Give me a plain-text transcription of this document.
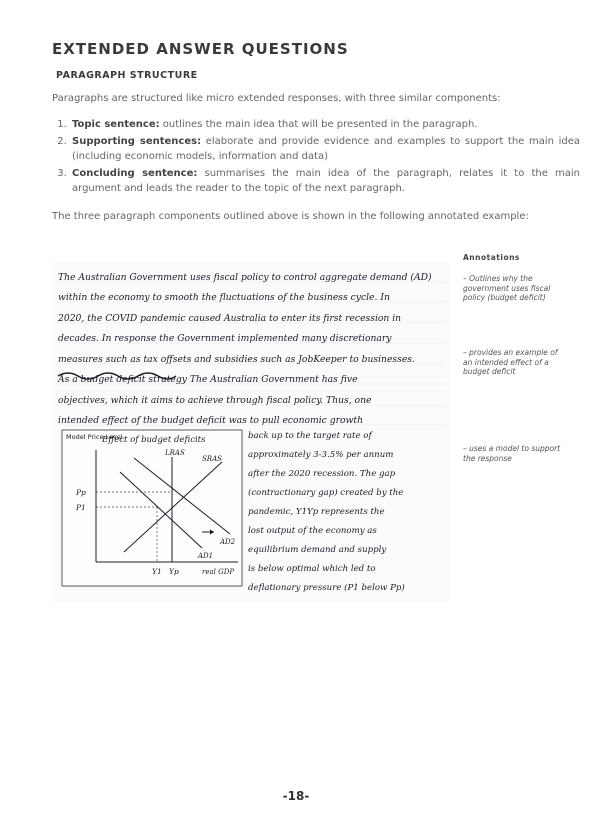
EXTENDED ANSWER QUESTIONS
PARAGRAPH STRUCTURE
Paragraphs are structured like micro extended responses, with three similar components:
1. Topic sentence: outlines the main idea that will be presented in the paragraph.
2. Supporting sentences: elaborate and provide evidence and examples to support the main idea (including economic models, information and data)
3. Concluding sentence: summarises the main idea of the paragraph, relates it to the main argument and leads the reader to the topic of the next paragraph.
The three paragraph components outlined above is shown in the following annotated example:
Annotations
– Outlines why the government uses fiscal policy (budget deficit)
– provides an example of an intended effect of a budget deficit
– uses a model to support the response
The Australian Government uses fiscal policy to control aggregate demand (AD)
within the economy to smooth the fluctuations of the business cycle. In
2020, the COVID pandemic caused Australia to enter its first recession in
decades. In response the Government implemented many discretionary
measures such as tax offsets and subsidies such as JobKeeper to businesses.
As a budget deficit strategy The Australian Government has five
objectives, which it aims to achieve through fiscal policy. Thus, one
intended effect of the budget deficit was to pull economic growth
Model Price Level
Effect of budget deficits
LRAS
SRAS
AD2
AD1
Pp
P1
Y1 Yp	real GDP
back up to the target rate of
approximately 3-3.5% per annum
after the 2020 recession. The gap
(contractionary gap) created by the
pandemic, Y1Yp represents the
lost output of the economy as
equilibrium demand and supply
is below optimal which led to
deflationary pressure (P1 below Pp)
-18-
